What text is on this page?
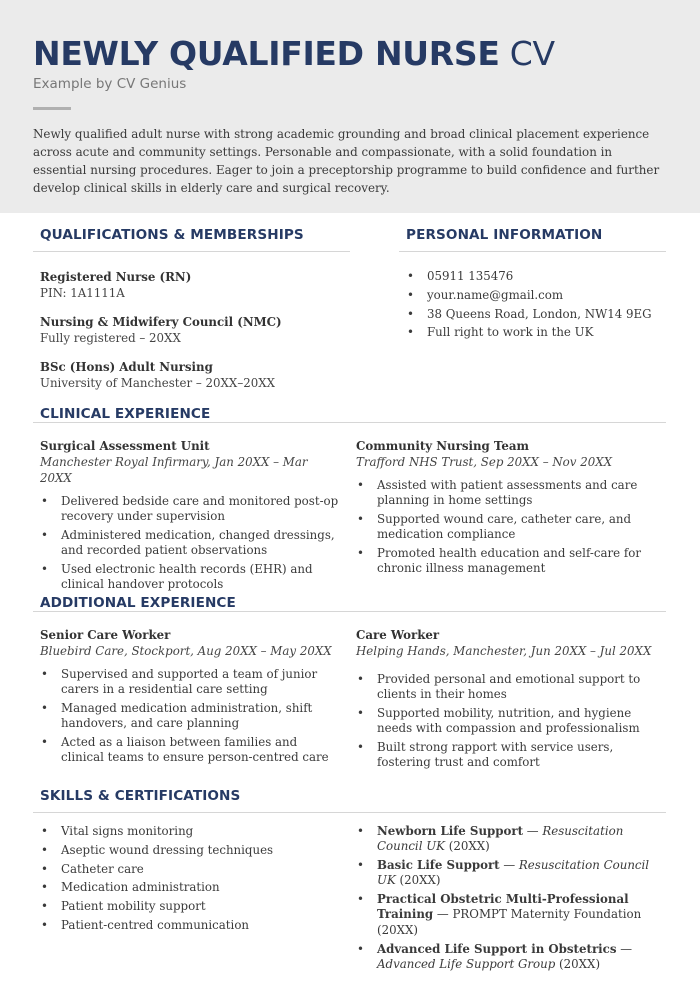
NEWLY QUALIFIED NURSE CV
Example by CV Genius
Newly qualified adult nurse with strong academic grounding and broad clinical placement experience across acute and community settings. Personable and compassionate, with a solid foundation in essential nursing procedures. Eager to join a preceptorship programme to build confidence and further develop clinical skills in elderly care and surgical recovery.
QUALIFICATIONS & MEMBERSHIPS
Registered Nurse (RN)
PIN: 1A1111A
Nursing & Midwifery Council (NMC)
Fully registered – 20XX
BSc (Hons) Adult Nursing
University of Manchester – 20XX–20XX
PERSONAL INFORMATION
• 05911 135476
• your.name@gmail.com
• 38 Queens Road, London, NW14 9EG
• Full right to work in the UK
CLINICAL EXPERIENCE
Surgical Assessment Unit
Manchester Royal Infirmary, Jan 20XX – Mar 20XX
• Delivered bedside care and monitored post-op recovery under supervision
• Administered medication, changed dressings, and recorded patient observations
• Used electronic health records (EHR) and clinical handover protocols
Community Nursing Team
Trafford NHS Trust, Sep 20XX – Nov 20XX
• Assisted with patient assessments and care planning in home settings
• Supported wound care, catheter care, and medication compliance
• Promoted health education and self-care for chronic illness management
ADDITIONAL EXPERIENCE
Senior Care Worker
Bluebird Care, Stockport, Aug 20XX – May 20XX
• Supervised and supported a team of junior carers in a residential care setting
• Managed medication administration, shift handovers, and care planning
• Acted as a liaison between families and clinical teams to ensure person-centred care
Care Worker
Helping Hands, Manchester, Jun 20XX – Jul 20XX
• Provided personal and emotional support to clients in their homes
• Supported mobility, nutrition, and hygiene needs with compassion and professionalism
• Built strong rapport with service users, fostering trust and comfort
SKILLS & CERTIFICATIONS
• Vital signs monitoring
• Aseptic wound dressing techniques
• Catheter care
• Medication administration
• Patient mobility support
• Patient-centred communication
• Newborn Life Support — Resuscitation Council UK (20XX)
• Basic Life Support — Resuscitation Council UK (20XX)
• Practical Obstetric Multi-Professional Training — PROMPT Maternity Foundation (20XX)
• Advanced Life Support in Obstetrics — Advanced Life Support Group (20XX)
